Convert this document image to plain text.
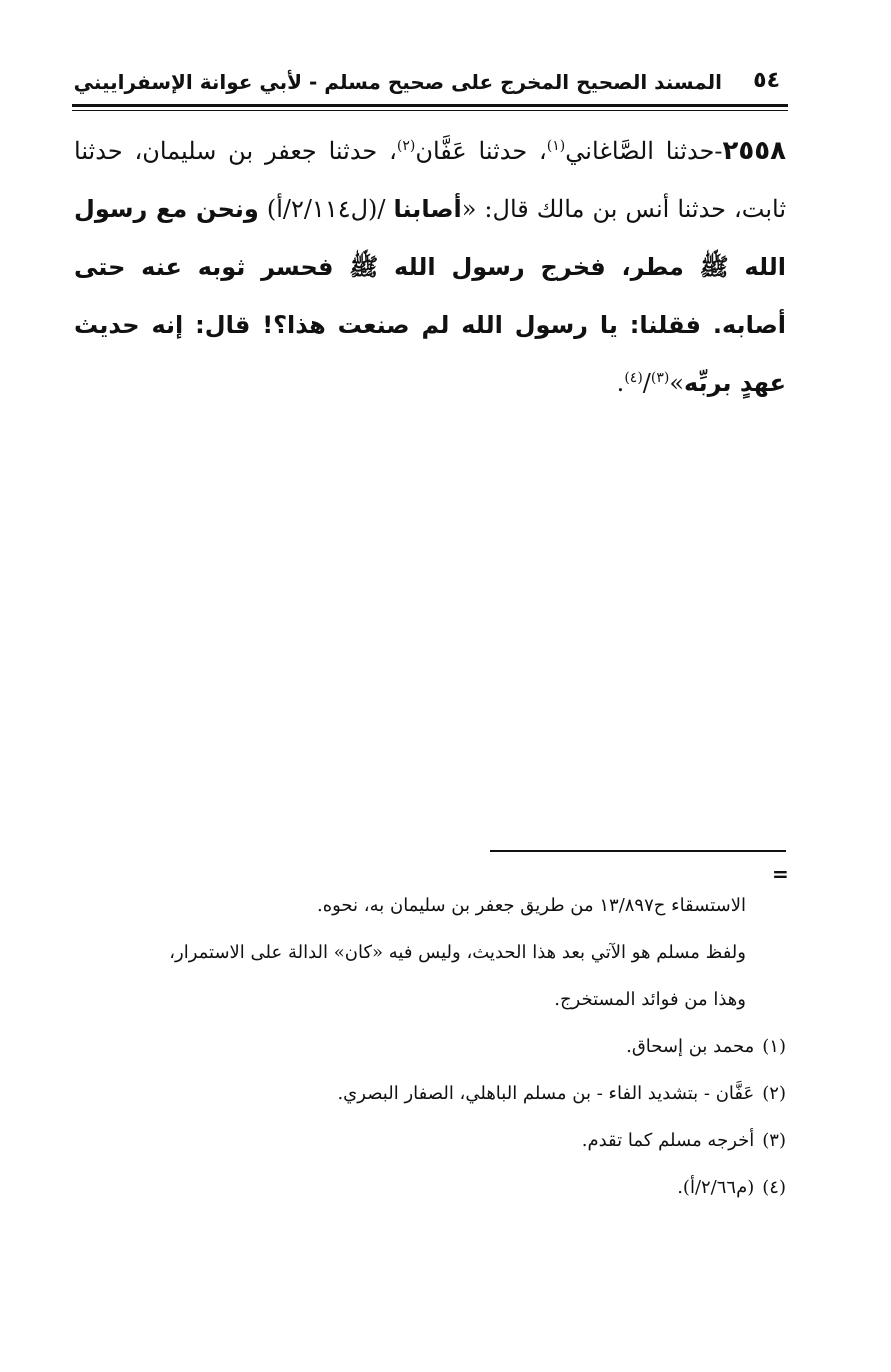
٥٤
المسند الصحيح المخرج على صحيح مسلم - لأبي عوانة الإسفراييني
٢٥٥٨-حدثنا الصَّاغاني$^{(١)}$، حدثنا عَفَّان$^{(٢)}$، حدثنا جعفر بن سليمان، حدثنا ثابت، حدثنا أنس بن مالك قال: «أصابنا /(ل٢/١١٤/أ) ونحن مع رسول الله ﷺ مطر، فخرج رسول الله ﷺ فحسر ثوبه عنه حتى أصابه. فقلنا: يا رسول الله لم صنعت هذا؟! قال: إنه حديث عهدٍ بربِّه»$^{(٣)}$/$^{(٤)}$.
=
الاستسقاء ح١٣/٨٩٧ من طريق جعفر بن سليمان به، نحوه.
ولفظ مسلم هو الآتي بعد هذا الحديث، وليس فيه «كان» الدالة على الاستمرار،
وهذا من فوائد المستخرج.
(١)محمد بن إسحاق.
(٢)عَفَّان - بتشديد الفاء - بن مسلم الباهلي، الصفار البصري.
(٣)أخرجه مسلم كما تقدم.
(٤)(م٢/٦٦/أ).
